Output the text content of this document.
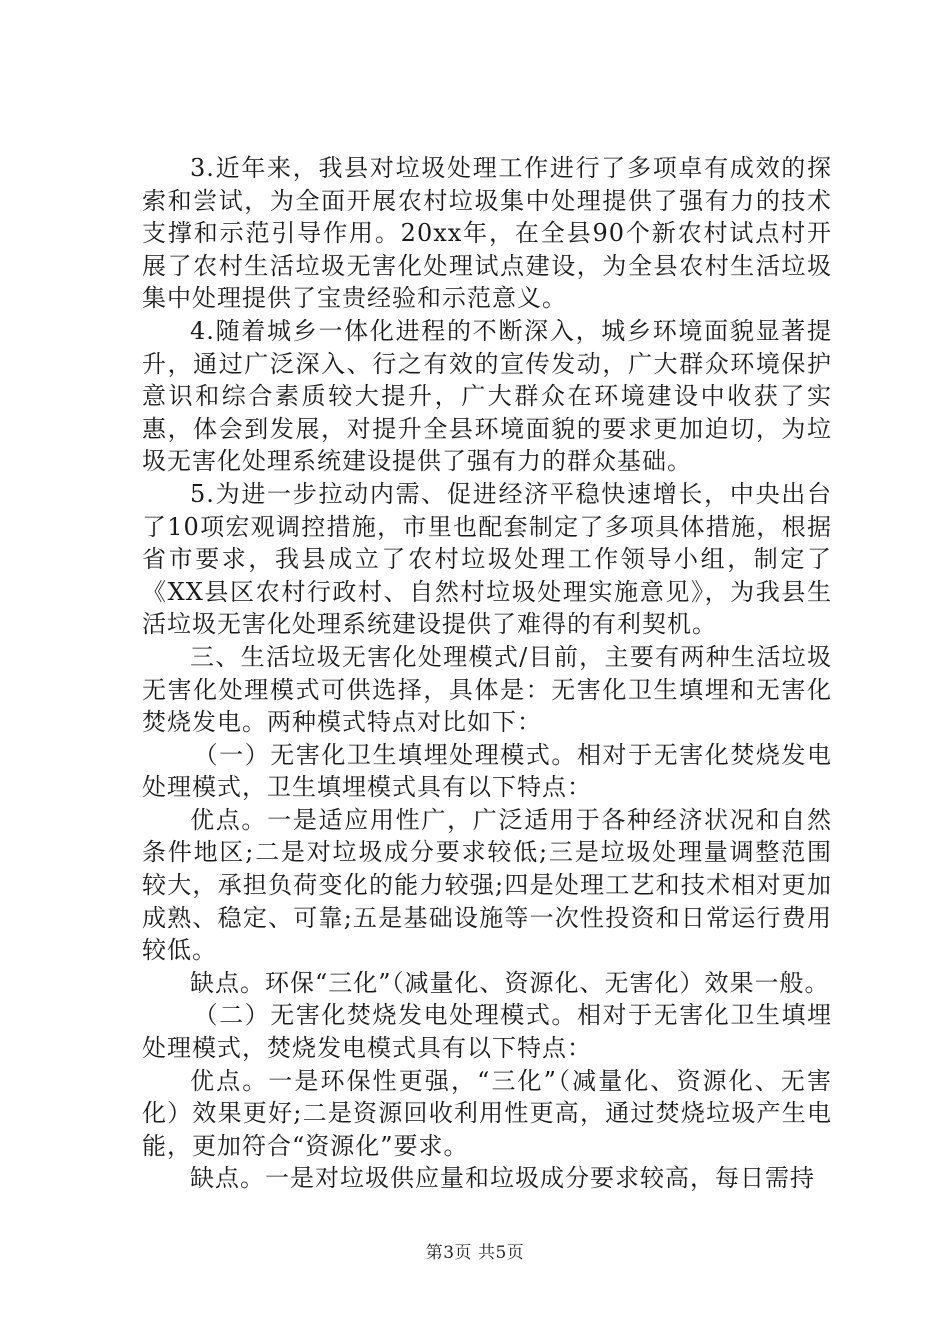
3.近年来，我县对垃圾处理工作进行了多项卓有成效的探索和尝试，为全面开展农村垃圾集中处理提供了强有力的技术支撑和示范引导作用。20xx年，在全县90个新农村试点村开展了农村生活垃圾无害化处理试点建设，为全县农村生活垃圾集中处理提供了宝贵经验和示范意义。

4.随着城乡一体化进程的不断深入，城乡环境面貌显著提升，通过广泛深入、行之有效的宣传发动，广大群众环境保护意识和综合素质较大提升，广大群众在环境建设中收获了实惠，体会到发展，对提升全县环境面貌的要求更加迫切，为垃圾无害化处理系统建设提供了强有力的群众基础。

5.为进一步拉动内需、促进经济平稳快速增长，中央出台了10项宏观调控措施，市里也配套制定了多项具体措施，根据省市要求，我县成立了农村垃圾处理工作领导小组，制定了《XX县区农村行政村、自然村垃圾处理实施意见》，为我县生活垃圾无害化处理系统建设提供了难得的有利契机。

三、生活垃圾无害化处理模式/目前，主要有两种生活垃圾无害化处理模式可供选择，具体是：无害化卫生填埋和无害化焚烧发电。两种模式特点对比如下：

（一）无害化卫生填埋处理模式。相对于无害化焚烧发电处理模式，卫生填埋模式具有以下特点：

优点。一是适应用性广，广泛适用于各种经济状况和自然条件地区;二是对垃圾成分要求较低;三是垃圾处理量调整范围较大，承担负荷变化的能力较强;四是处理工艺和技术相对更加成熟、稳定、可靠;五是基础设施等一次性投资和日常运行费用较低。

缺点。环保“三化”（减量化、资源化、无害化）效果一般。

（二）无害化焚烧发电处理模式。相对于无害化卫生填埋处理模式，焚烧发电模式具有以下特点：

优点。一是环保性更强，“三化”（减量化、资源化、无害化）效果更好;二是资源回收利用性更高，通过焚烧垃圾产生电能，更加符合“资源化”要求。

缺点。一是对垃圾供应量和垃圾成分要求较高，每日需持

第3页 共5页
